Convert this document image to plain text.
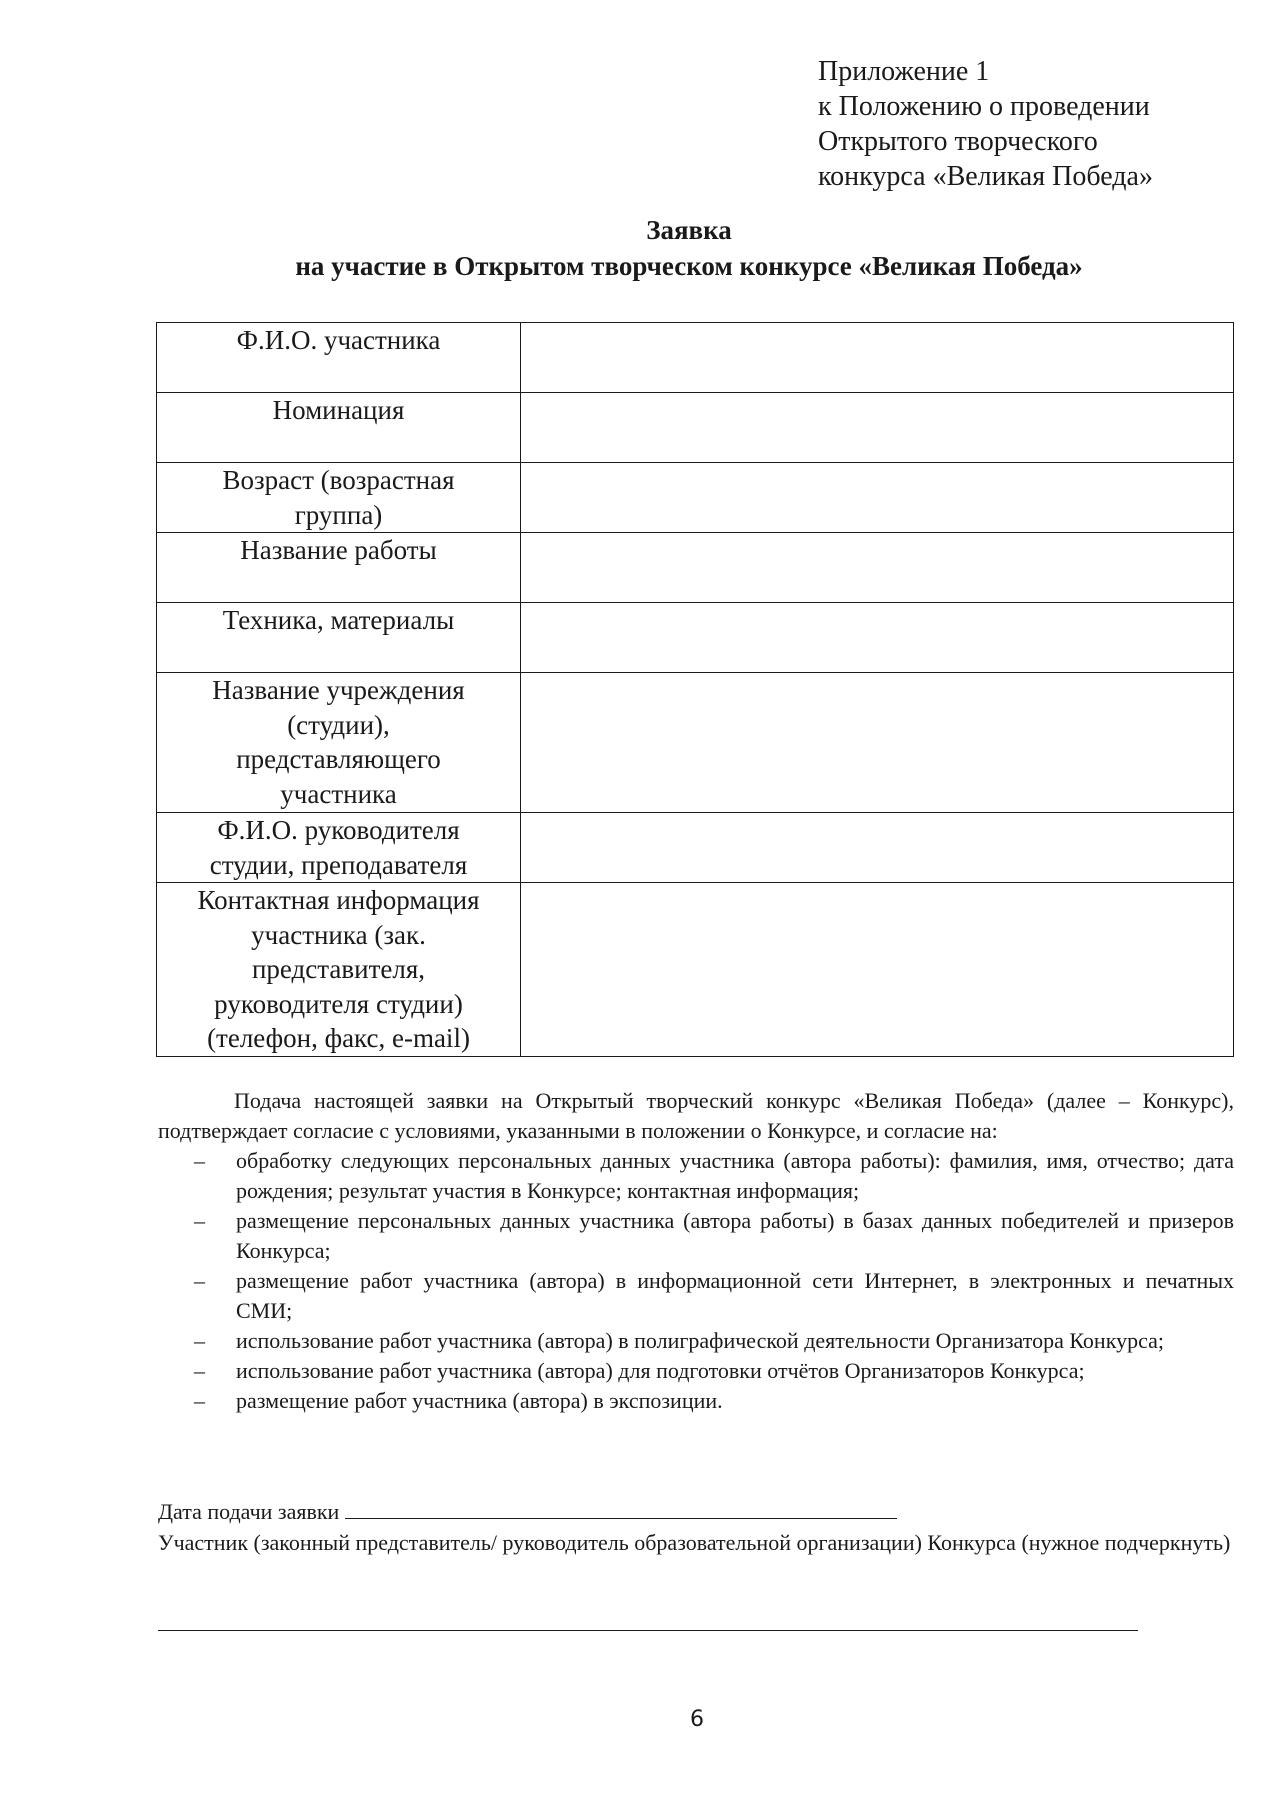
Приложение 1
к Положению о проведении
Открытого творческого
конкурса «Великая Победа»
Заявка
на участие в Открытом творческом конкурсе «Великая Победа»
Ф.И.О. участника	
Номинация	
Возраст (возрастная группа)	
Название работы	
Техника, материалы	
Название учреждения (студии), представляющего участника	
Ф.И.О. руководителя студии, преподавателя	
Контактная информация участника (зак. представителя, руководителя студии) (телефон, факс, e-mail)	

Подача настоящей заявки на Открытый творческий конкурс «Великая Победа» (далее – Конкурс), подтверждает согласие с условиями, указанными в положении о Конкурсе, и согласие на:

– обработку следующих персональных данных участника (автора работы): фамилия, имя, отчество; дата рождения; результат участия в Конкурсе; контактная информация;
– размещение персональных данных участника (автора работы) в базах данных победителей и призеров Конкурса;
– размещение работ участника (автора) в информационной сети Интернет, в электронных и печатных СМИ;
– использование работ участника (автора) в полиграфической деятельности Организатора Конкурса;
– использование работ участника (автора) для подготовки отчётов Организаторов Конкурса;
– размещение работ участника (автора) в экспозиции.
Дата подачи заявки
Участник (законный представитель/ руководитель образовательной организации) Конкурса (нужное подчеркнуть)
6
